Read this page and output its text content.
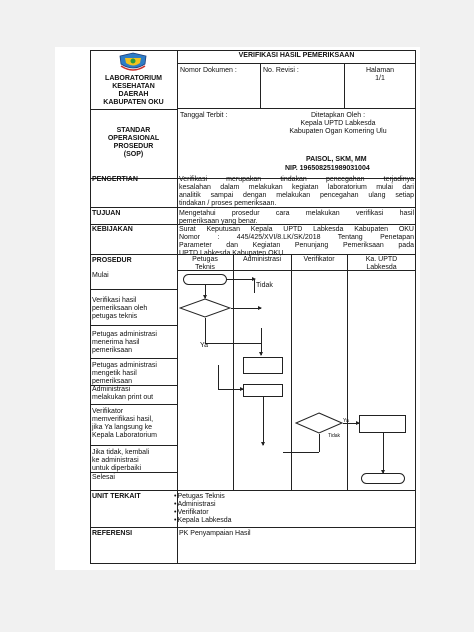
LABORATORIUM
KESEHATAN
DAERAH
KABUPATEN OKU
STANDAR
OPERASIONAL
PROSEDUR
(SOP)
VERIFIKASI HASIL PEMERIKSAAN
Nomor Dokumen :	No. Revisi :	Halaman
1/1
Tanggal Terbit :	Ditetapkan Oleh :
Kepala UPTD Labkesda
Kabupaten Ogan Komering Ulu
PAISOL, SKM, MM
NIP. 196508251989031004
PENGERTIAN	Verifikasi merupakan tindakan pencegahan terjadinya
kesalahan dalam melakukan kegiatan laboratorium mulai dari
analitik sampai dengan melakukan pencegahan ulang setiap
tindakan / proses pemeriksaan.
TUJUAN	Mengetahui prosedur cara melakukan verifikasi hasil
pemeriksaan yang benar.
KEBIJAKAN	Surat Keputusan Kepala UPTD Labkesda Kabupaten OKU
Nomor : 445/425/XVI/8.LK/SK/2018 Tentang Penetapan
Parameter dan Kegiatan Penunjang Pemeriksaan pada
UPTD Labkesda Kabupaten OKU.
PROSEDUR	Petugas
Teknis
Administrasi	Verifikator	Ka. UPTD
Labkesda
Mulai
Verifikasi hasil
pemeriksaan oleh
petugas teknis
Petugas administrasi
menerima hasil
pemeriksaan
Petugas administrasi
mengetik hasil
pemeriksaan
Administrasi
melakukan print out
Verifikator
memverifikasi hasil,
jika Ya langsung ke
Kepala Laboratorium
Jika tidak, kembali
ke administrasi
untuk diperbaiki
Selesai
Tidak
Ya
Ya
Tidak
UNIT TERKAIT
•	Petugas Teknis
• Administrasi
• Verifikator
• Kepala Labkesda
REFERENSI	PK Penyampaian Hasil
